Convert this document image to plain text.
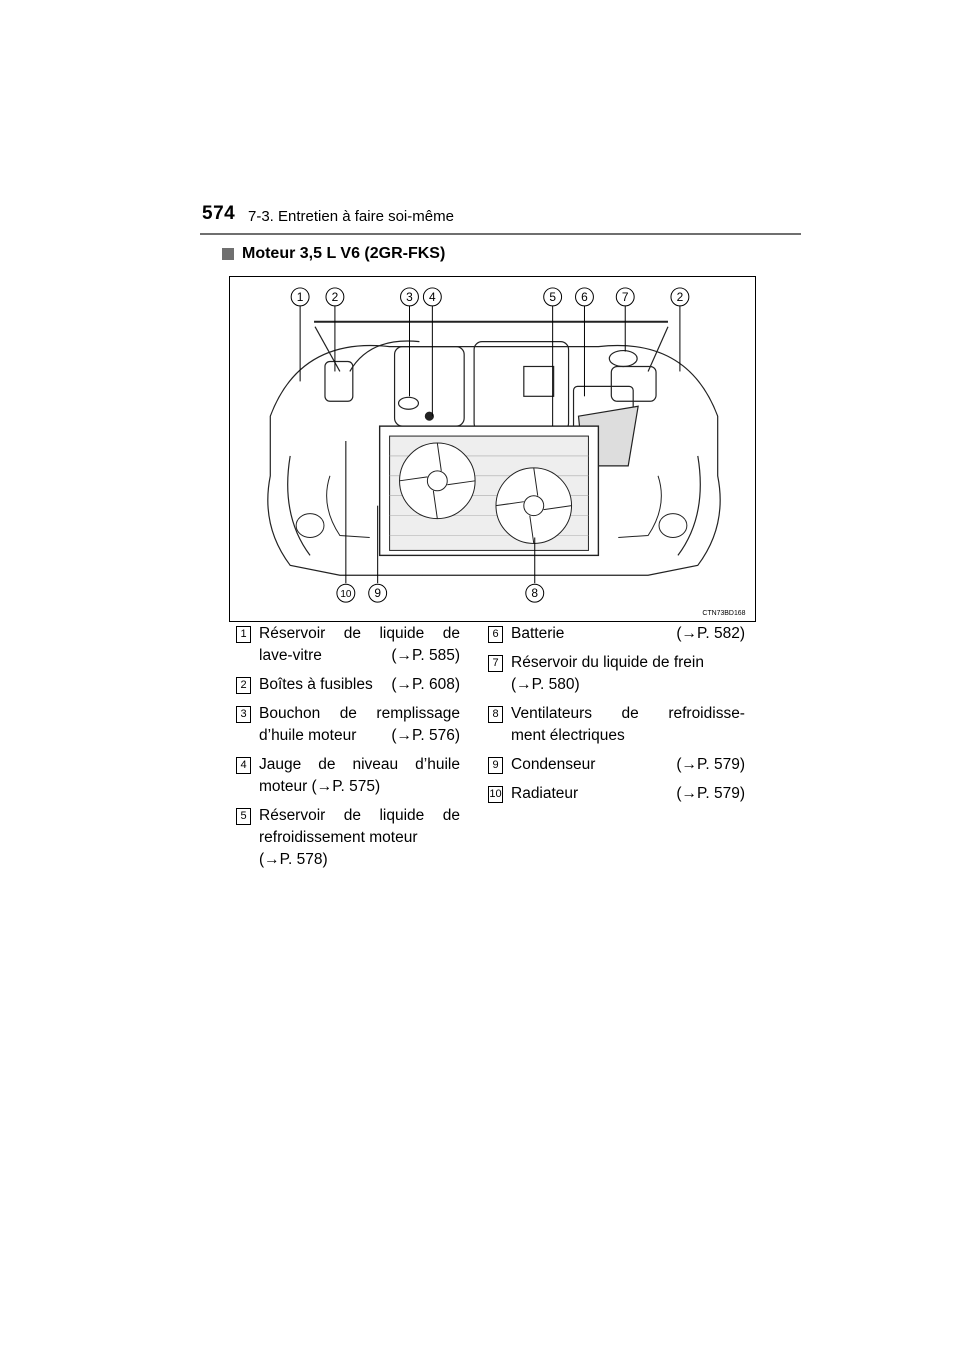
574 7-3. Entretien à faire soi-même
Moteur 3,5 L V6 (2GR-FKS)
1 2	3 4	5 6	7	2
10 9	8
CTN73BD168
1 Réservoir de liquide de
lave-vitre	(→P. 585)
2 Boîtes à fusibles (→P. 608)
3 Bouchon de remplissage
d’huile moteur (→P. 576)
4 Jauge de niveau d’huile
moteur (→P. 575)
5 Réservoir de liquide de
refroidissement moteur
(→P. 578)
6 Batterie	(→P. 582)
7 Réservoir du liquide de frein
(→P. 580)
8 Ventilateurs de refroidisse-
ment électriques
9 Condenseur	(→P. 579)
10 Radiateur	(→P. 579)
